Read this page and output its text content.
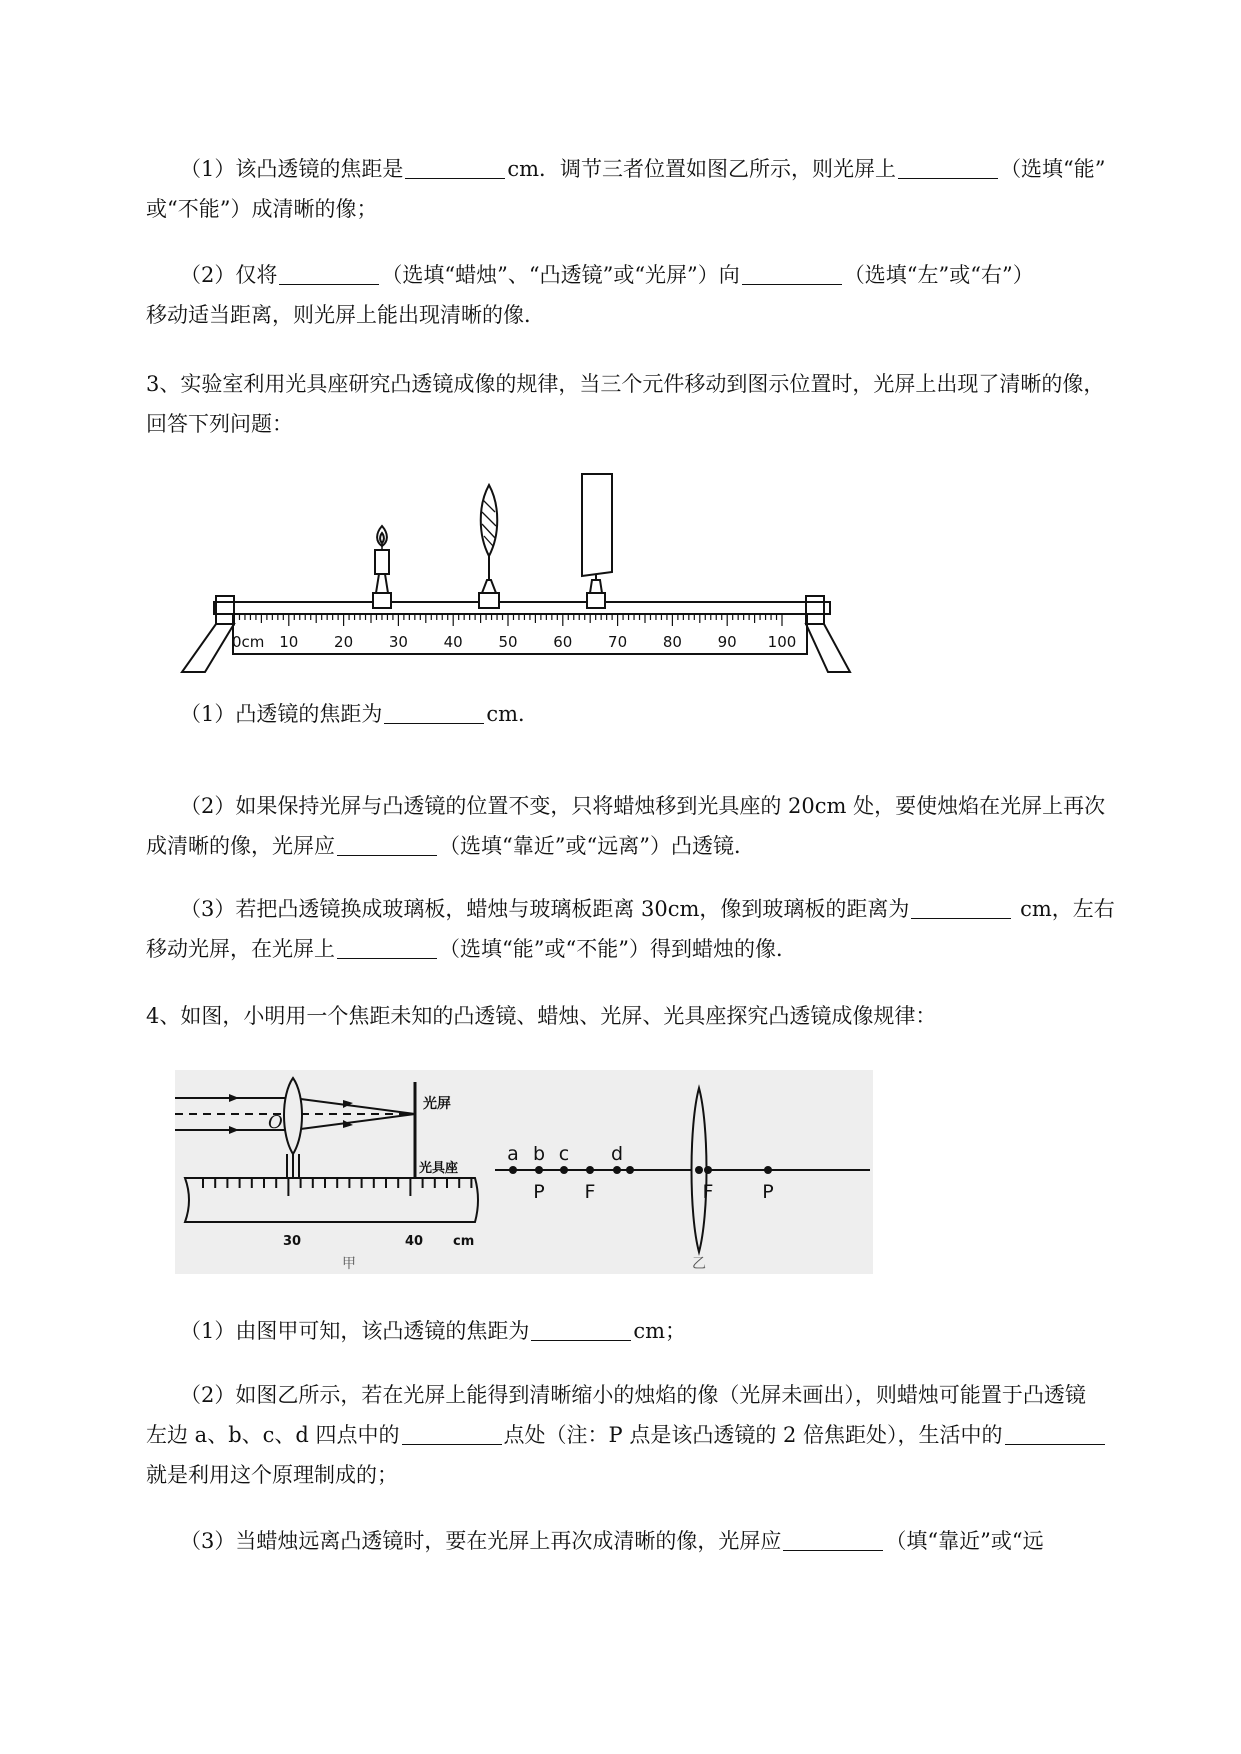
（1）该凸透镜的焦距是	cm．调节三者位置如图乙所示，则光屏上	（选填“能”

或“不能”）成清晰的像；

（2）仅将	（选填“蜡烛”、“凸透镜”或“光屏”）向	（选填“左”或“右”）

移动适当距离，则光屏上能出现清晰的像．

3、实验室利用光具座研究凸透镜成像的规律，当三个元件移动到图示位置时，光屏上出现了清晰的像，

回答下列问题：

0cm 10 20 30 40 50 60 70 80 90 100

（1）凸透镜的焦距为	cm．

（2）如果保持光屏与凸透镜的位置不变，只将蜡烛移到光具座的 20cm 处，要使烛焰在光屏上再次

成清晰的像，光屏应	（选填“靠近”或“远离”）凸透镜．

（3）若把凸透镜换成玻璃板，蜡烛与玻璃板距离 30cm，像到玻璃板的距离为	cm，左右

移动光屏，在光屏上	（选填“能”或“不能”）得到蜡烛的像．

4、如图，小明用一个焦距未知的凸透镜、蜡烛、光屏、光具座探究凸透镜成像规律：

光屏
光具座
O
30	40 cm
甲
a b
P
c
F
d
F	P
乙

（1）由图甲可知，该凸透镜的焦距为	cm；

（2）如图乙所示，若在光屏上能得到清晰缩小的烛焰的像（光屏未画出），则蜡烛可能置于凸透镜

左边 a、b、c、d 四点中的	点处（注：P 点是该凸透镜的 2 倍焦距处），生活中的

就是利用这个原理制成的；

（3）当蜡烛远离凸透镜时，要在光屏上再次成清晰的像，光屏应	（填“靠近”或“远
